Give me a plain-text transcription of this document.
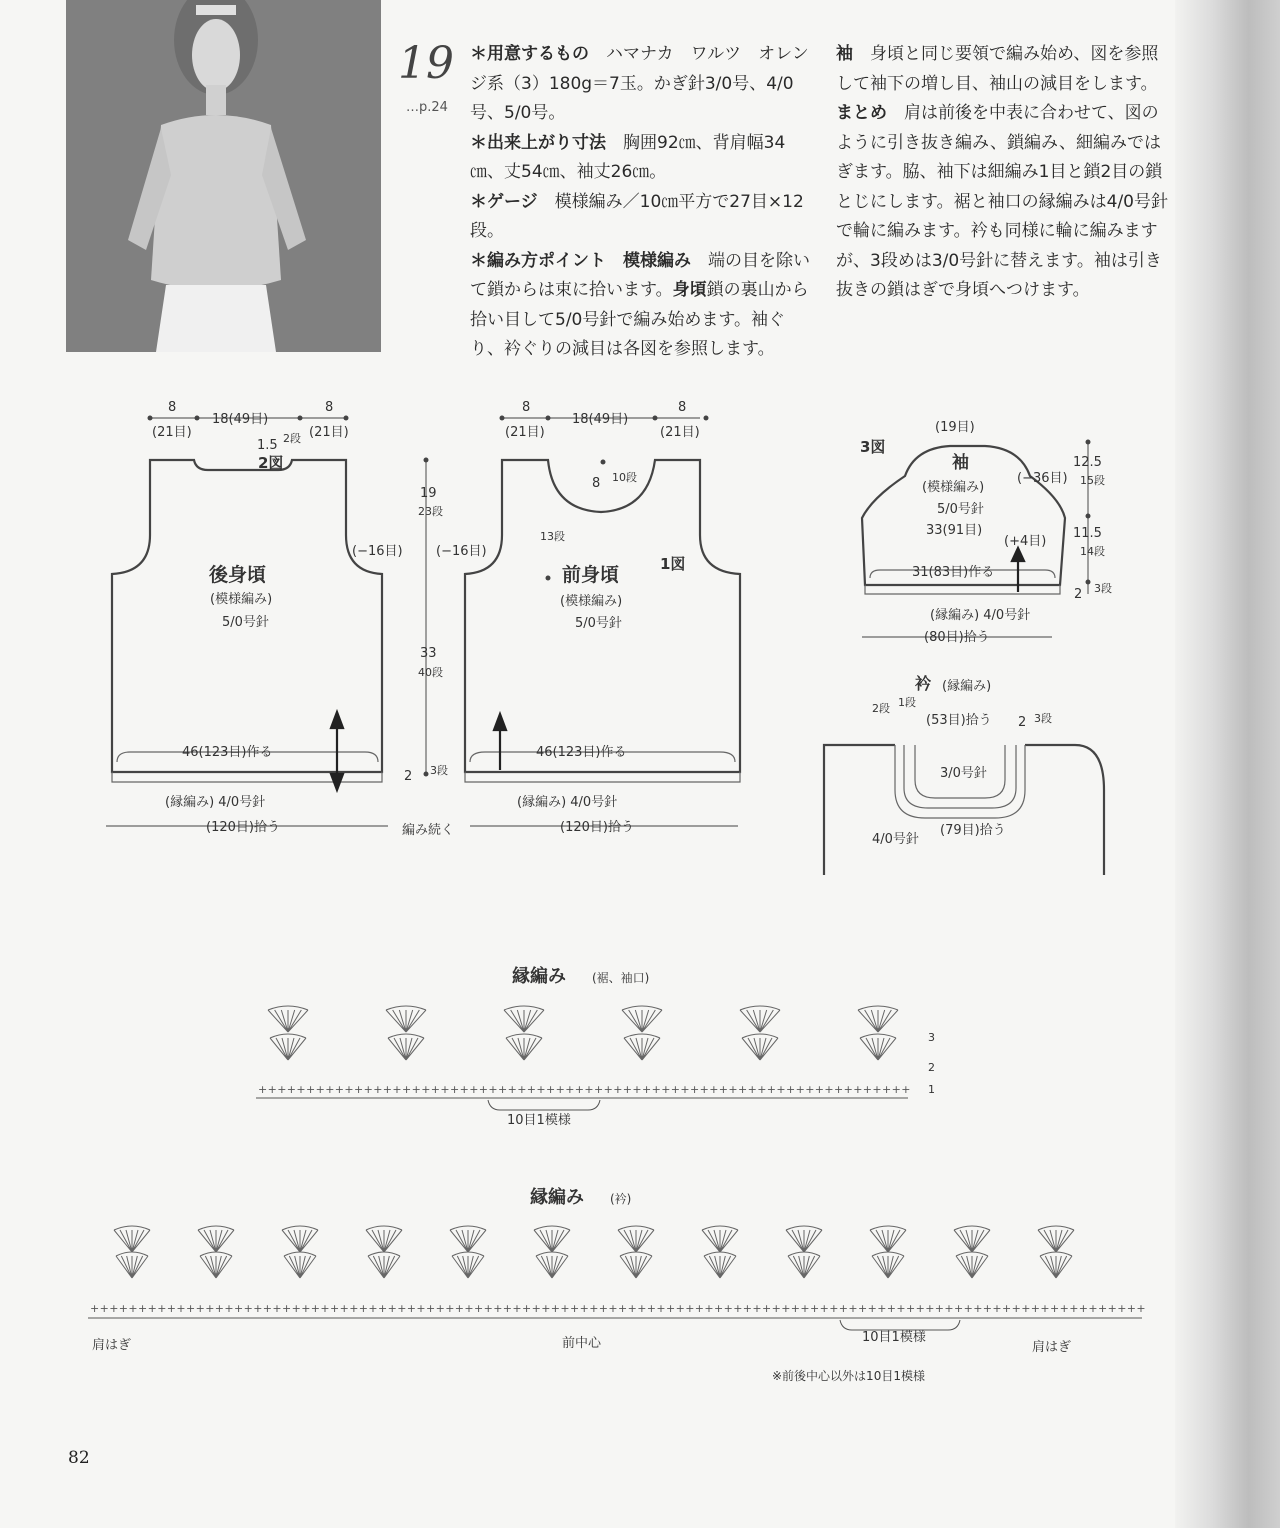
19
…p.24

＊用意するもの　 ハマナカ　ワルツ　オレンジ系（3）180g＝7玉。かぎ針3/0号、4/0号、5/0号。

＊出来上がり寸法　 胸囲92㎝、背肩幅34㎝、丈54㎝、袖丈26㎝。

＊ゲージ　 模様編み／10㎝平方で27目×12段。

＊編み方ポイント　模様編み　 端の目を除いて鎖からは束に拾います。身頃鎖の裏山から拾い目して5/0号針で編み始めます。袖ぐり、衿ぐりの減目は各図を参照します。

袖　 身頃と同じ要領で編み始め、図を参照して袖下の増し目、袖山の減目をします。まとめ　 肩は前後を中表に合わせて、図のように引き抜き編み、鎖編み、細編みではぎます。脇、袖下は細編み1目と鎖2目の鎖とじにします。裾と袖口の縁編みは4/0号針で輪に編みます。衿も同様に輪に編みますが、3段めは3/0号針に替えます。袖は引き抜きの鎖はぎで身頃へつけます。

+ + + + + + + + + + + + + + + + + + + + + + + + + + + + + + + + + + + + + + + + + + + + + + + + + + + + + + + + + + + + + + + + + + + +
+ + + + + + + + + + + + + + + + + + + + + + + + + + + + + + + + + + + + + + + + + + + + + + + + + + + + + + + + + + + + + + + + + + + + + + + + + + + + + + + + + + + + + + + + + + + + + + + + + + + + + + + + + + + + + +
8
(21目)
18(49目)
8
(21目)
1.5 2段
(−16目)
46(123目)作る
(縁編み) 4/0号針
(120目)拾う
8
(21目)
18(49目)
8
(21目)
8 10段
13段
(−16目)
46(123目)作る
(縁編み) 4/0号針
(120目)拾う
19
23段
33
40段
2 3段
編み続く
(19目)
(−36目)
33(91目)
(+4目)
31(83目)作る
(縁編み) 4/0号針
(80目)拾う
12.5
15段
11.5
14段
2 3段
2段 1段
(53目)拾う 2 3段
3/0号針
4/0号針
(79目)拾う
10目1模様
3
2
1
肩はぎ	前中心	10目1模様
肩はぎ
※前後中心以外は10目1模様
2図
後身頃	1図
前身頃
3図
袖
衿
縁編み
縁編み
(模様編み)
5/0号針
(模様編み)
5/0号針
(模様編み)
5/0号針
(縁編み)
(裾、袖口)
(衿)
82
